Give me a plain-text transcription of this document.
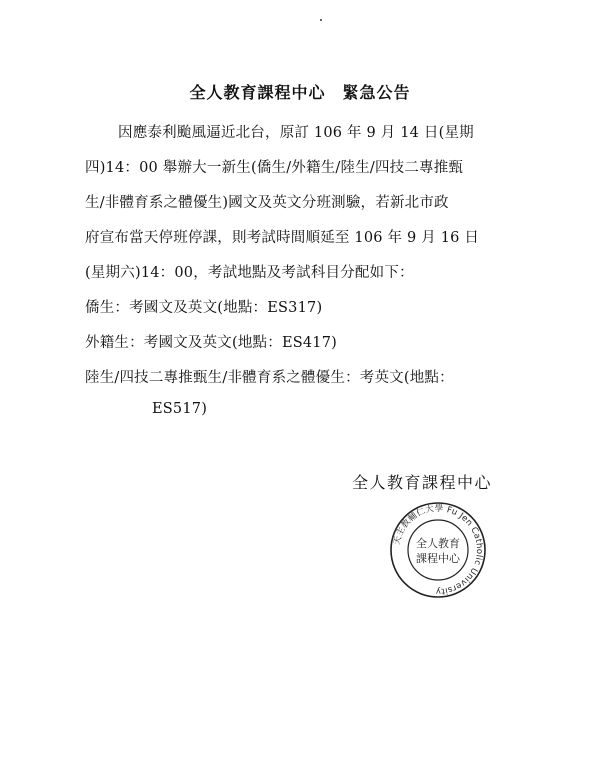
全人教育課程中心　緊急公告
因應泰利颱風逼近北台，原訂 106 年 9 月 14 日(星期
四)14：00 舉辦大一新生(僑生/外籍生/陸生/四技二專推甄
生/非體育系之體優生)國文及英文分班測驗，若新北市政
府宣布當天停班停課，則考試時間順延至 106 年 9 月 16 日
(星期六)14：00，考試地點及考試科目分配如下：
僑生：考國文及英文(地點：ES317)
外籍生：考國文及英文(地點：ES417)
陸生/四技二專推甄生/非體育系之體優生：考英文(地點：
ES517)
全人教育課程中心
天主教輔仁大學 Fu Jen Catholic University
全人教育
課程中心
